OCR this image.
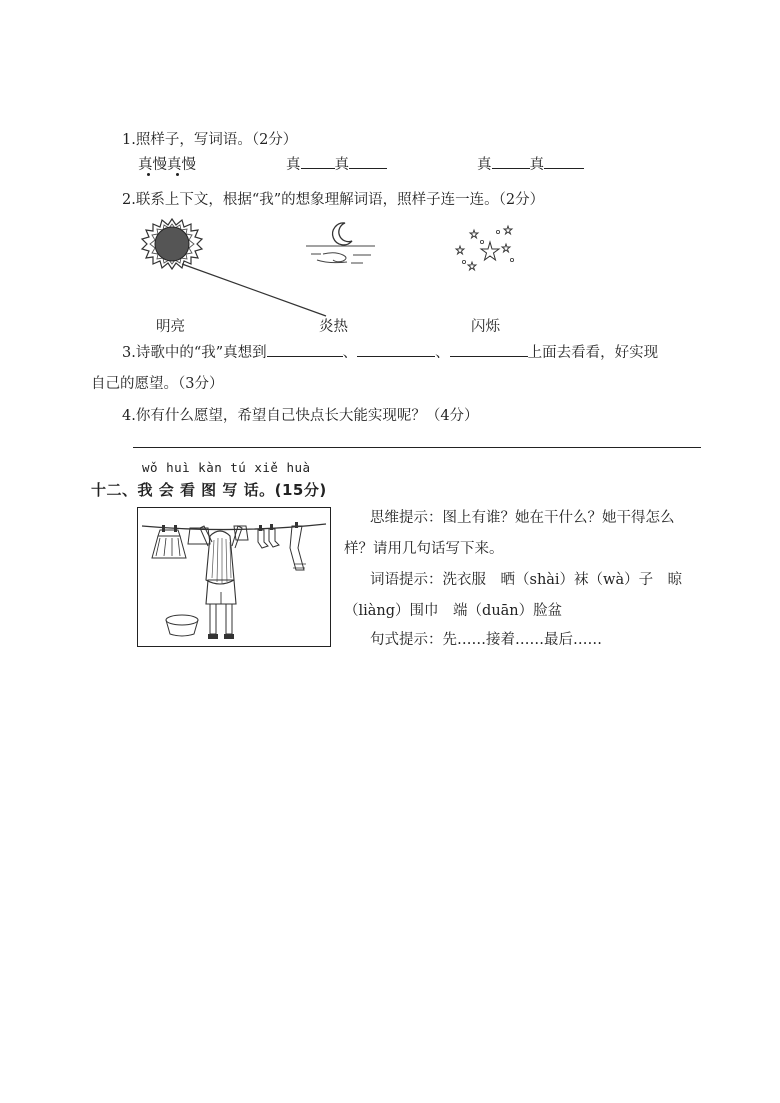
1.照样子，写词语。（2分）
真慢真慢	真 真	真	真
2.联系上下文，根据“我”的想象理解词语，照样子连一连。（2分）
明亮	炎热	闪烁
3.诗歌中的“我”真想到	、	、	上面去看看，好实现
自己的愿望。（3分）
4.你有什么愿望，希望自己快点长大能实现呢？（4分）
wǒ huì kàn tú xiě huà
十二、我 会 看 图 写 话。(15分)
思维提示：图上有谁？她在干什么？她干得怎么
样？请用几句话写下来。
词语提示：洗衣服　晒（shài）袜（wà）子　晾
（liàng）围巾　端（duān）脸盆
句式提示：先……接着……最后……
